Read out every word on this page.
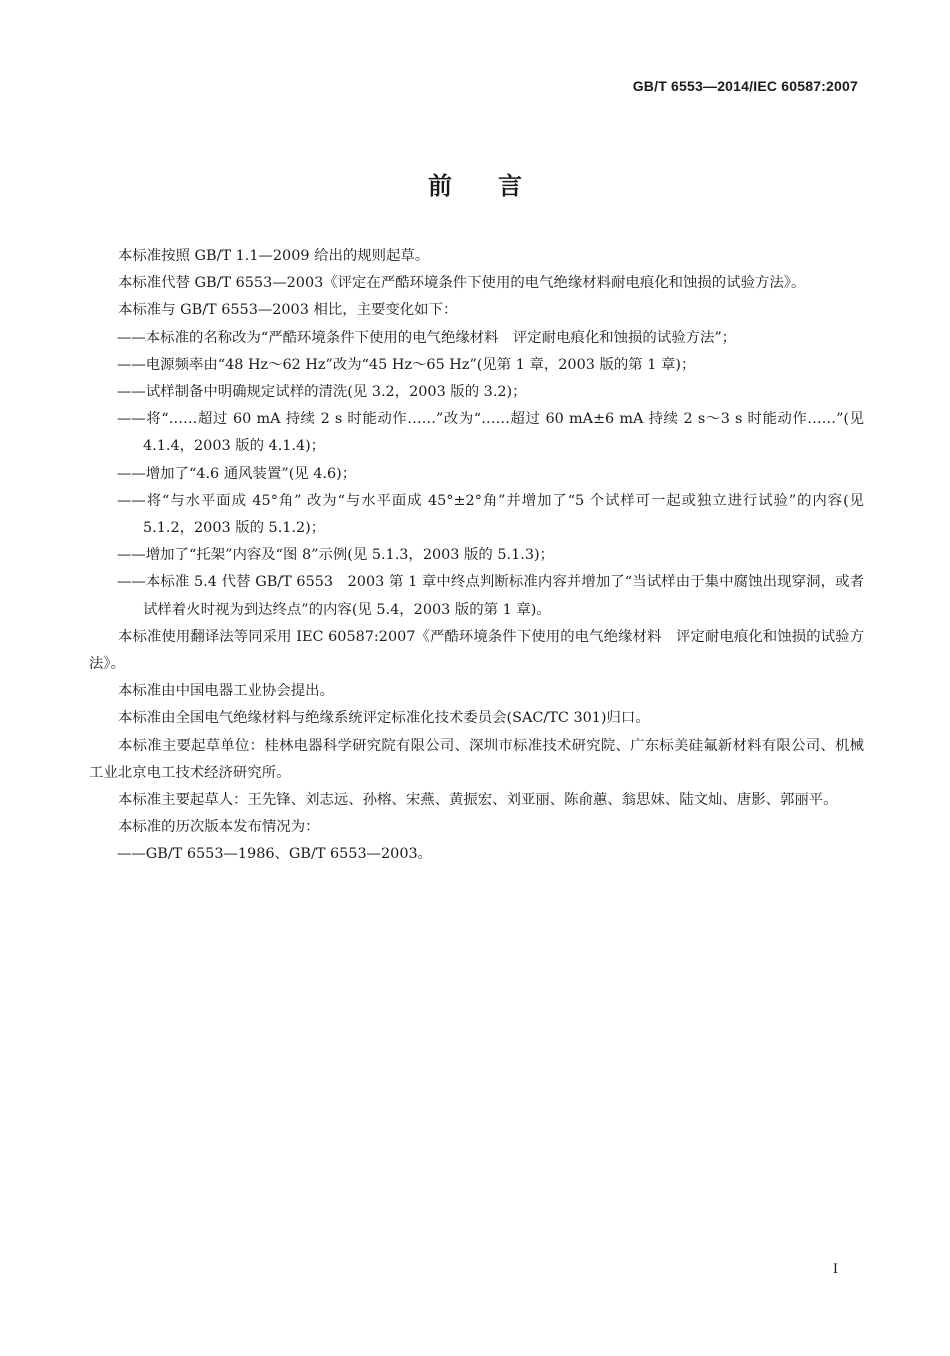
GB/T 6553—2014/IEC 60587:2007
前言

本标准按照 GB/T 1.1—2009 给出的规则起草。

本标准代替 GB/T 6553—2003《评定在严酷环境条件下使用的电气绝缘材料耐电痕化和蚀损的试验方法》。

本标准与 GB/T 6553—2003 相比，主要变化如下：

——本标准的名称改为“严酷环境条件下使用的电气绝缘材料　评定耐电痕化和蚀损的试验方法”；

——电源频率由“48 Hz～62 Hz”改为“45 Hz～65 Hz”(见第 1 章，2003 版的第 1 章)；

——试样制备中明确规定试样的清洗(见 3.2，2003 版的 3.2)；

——将“……超过 60 mA 持续 2 s 时能动作……”改为“……超过 60 mA±6 mA 持续 2 s～3 s 时能动作……”(见 4.1.4，2003 版的 4.1.4)；

——增加了“4.6 通风装置”(见 4.6)；

——将“与水平面成 45°角” 改为“与水平面成 45°±2°角”并增加了“5 个试样可一起或独立进行试验”的内容(见 5.1.2，2003 版的 5.1.2)；

——增加了“托架”内容及“图 8”示例(见 5.1.3，2003 版的 5.1.3)；

——本标准 5.4 代替 GB/T 6553　2003 第 1 章中终点判断标准内容并增加了“当试样由于集中腐蚀出现穿洞，或者试样着火时视为到达终点”的内容(见 5.4，2003 版的第 1 章)。

本标准使用翻译法等同采用 IEC 60587:2007《严酷环境条件下使用的电气绝缘材料　评定耐电痕化和蚀损的试验方法》。

本标准由中国电器工业协会提出。

本标准由全国电气绝缘材料与绝缘系统评定标准化技术委员会(SAC/TC 301)归口。

本标准主要起草单位：桂林电器科学研究院有限公司、深圳市标准技术研究院、广东标美硅氟新材料有限公司、机械工业北京电工技术经济研究所。

本标准主要起草人：王先锋、刘志远、孙榕、宋燕、黄振宏、刘亚丽、陈俞蕙、翁思妹、陆文灿、唐影、郭丽平。

本标准的历次版本发布情况为：

——GB/T 6553—1986、GB/T 6553—2003。

I
